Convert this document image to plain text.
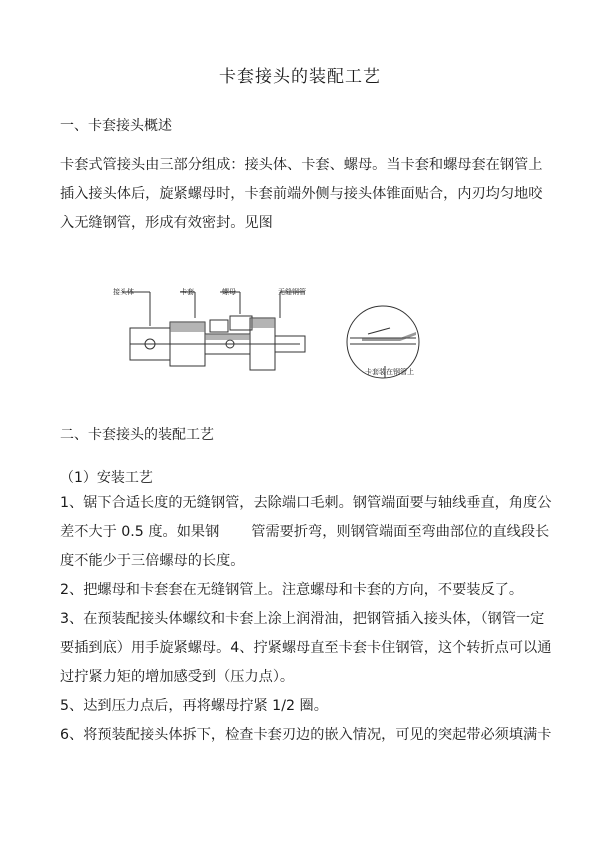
卡套接头的装配工艺
一、卡套接头概述
卡套式管接头由三部分组成：接头体、卡套、螺母。当卡套和螺母套在钢管上
插入接头体后，旋紧螺母时，卡套前端外侧与接头体锥面贴合，内刃均匀地咬
入无缝钢管，形成有效密封。见图
接头体	卡套	螺母	无缝钢管
卡套装在钢管上
二、卡套接头的装配工艺
（1）安装工艺
1、锯下合适长度的无缝钢管，去除端口毛刺。钢管端面要与轴线垂直，角度公
差不大于 0.5 度。如果钢 管需要折弯，则钢管端面至弯曲部位的直线段长
度不能少于三倍螺母的长度。
2、把螺母和卡套套在无缝钢管上。注意螺母和卡套的方向，不要装反了。
3、在预装配接头体螺纹和卡套上涂上润滑油，把钢管插入接头体，（钢管一定
要插到底）用手旋紧螺母。4、拧紧螺母直至卡套卡住钢管，这个转折点可以通
过拧紧力矩的增加感受到（压力点）。
5、达到压力点后，再将螺母拧紧 1/2 圈。
6、将预装配接头体拆下，检查卡套刃边的嵌入情况，可见的突起带必须填满卡
